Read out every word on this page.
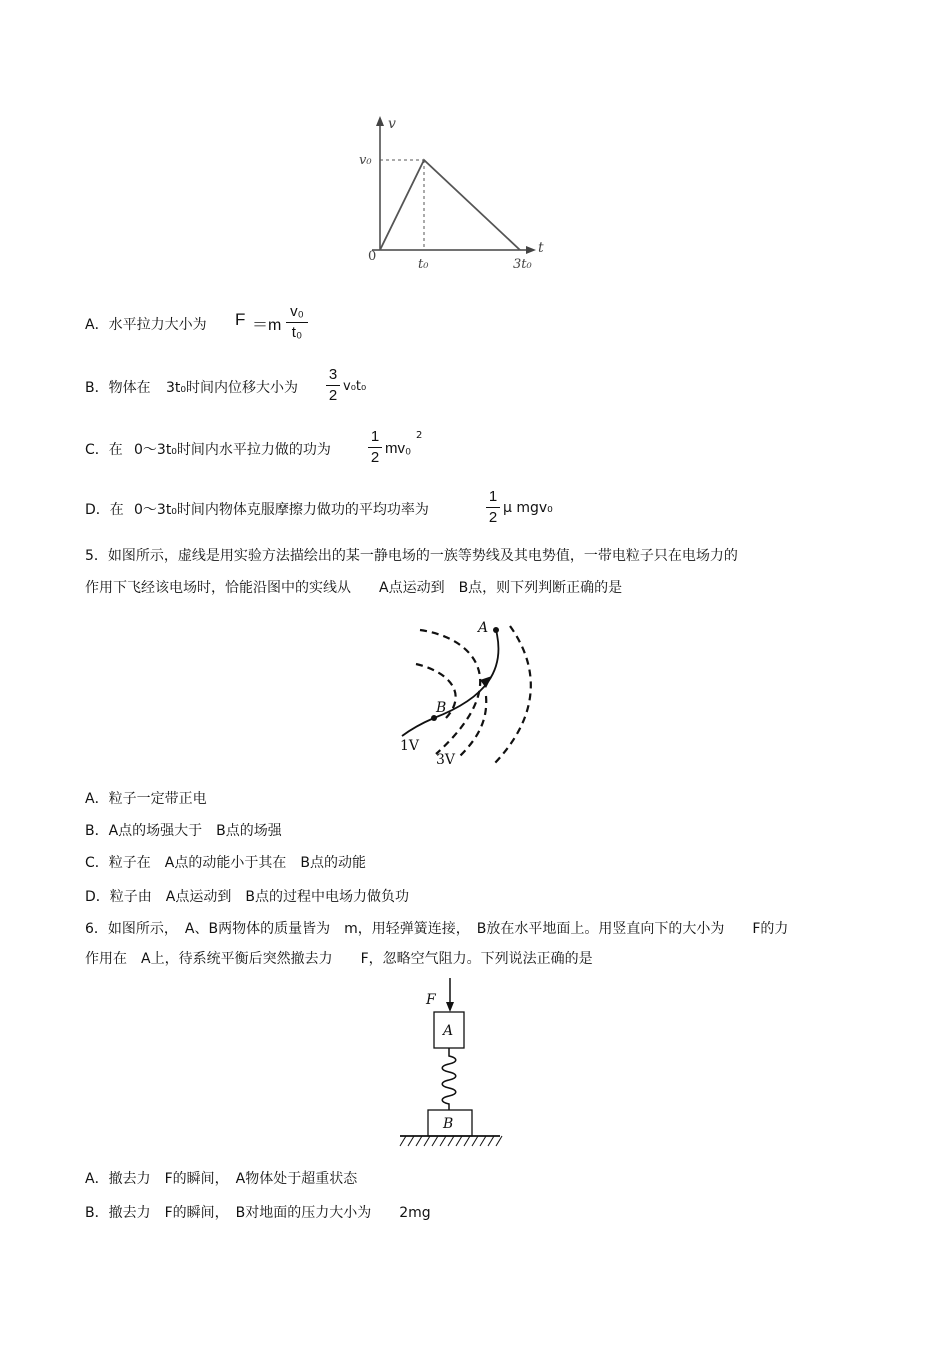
v
v₀
0
t
t₀	3t₀
A．水平拉力大小为 F ＝m
v₀
t₀
B．物体在 3t₀时间内位移大小为
3
2
v₀t₀
C．在 0～3t₀时间内水平拉力做的功为
1
2
mv₀
2
D．在 0～3t₀时间内物体克服摩擦力做功的平均功率为
1
2
μ mgv₀
5．如图所示，虚线是用实验方法描绘出的某一静电场的一族等势线及其电势值，一带电粒子只在电场力的
作用下飞经该电场时，恰能沿图中的实线从　　A点运动到　B点，则下列判断正确的是
A
B
1V
3V
A．粒子一定带正电
B．A点的场强大于　B点的场强
C．粒子在　A点的动能小于其在　B点的动能
D．粒子由　A点运动到　B点的过程中电场力做负功
6．如图所示，　A、B两物体的质量皆为　m，用轻弹簧连接，　B放在水平地面上。用竖直向下的大小为　　F的力
作用在　A上，待系统平衡后突然撤去力　　F，忽略空气阻力。下列说法正确的是
F
A
B
A．撤去力　F的瞬间，　A物体处于超重状态
B．撤去力　F的瞬间，　B对地面的压力大小为　　2mg
